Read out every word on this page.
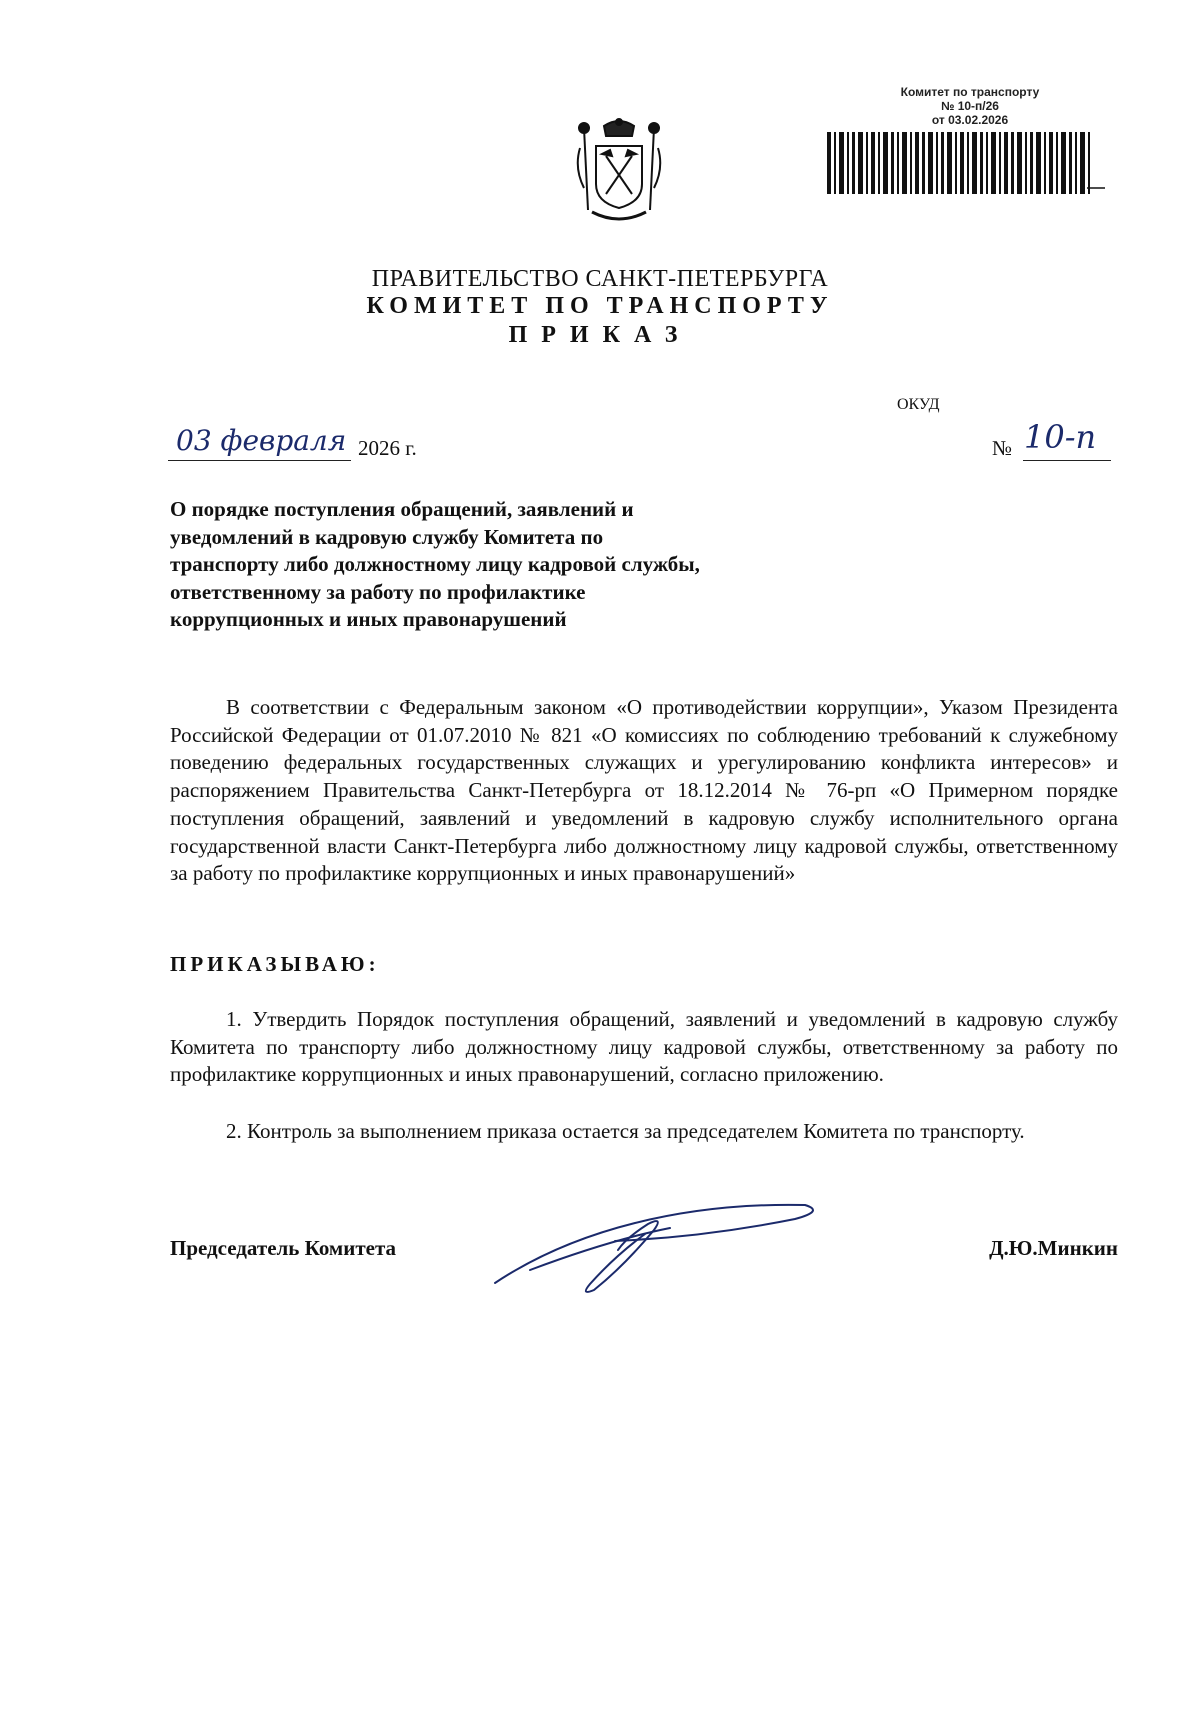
Комитет по транспорту
№ 10-п/26
от 03.02.2026
ПРАВИТЕЛЬСТВО САНКТ-ПЕТЕРБУРГА
КОМИТЕТ ПО ТРАНСПОРТУ
ПРИКАЗ
ОКУД
03 февраля 2026 г.	№ 10-п
О порядке поступления обращений, заявлений и уведомлений в кадровую службу Комитета по транспорту либо должностному лицу кадровой службы, ответственному за работу по профилактике коррупционных и иных правонарушений
В соответствии с Федеральным законом «О противодействии коррупции», Указом Президента Российской Федерации от 01.07.2010 № 821 «О комиссиях по соблюдению требований к служебному поведению федеральных государственных служащих и урегулированию конфликта интересов» и распоряжением Правительства Санкт-Петербурга от 18.12.2014 № 76-рп «О Примерном порядке поступления обращений, заявлений и уведомлений в кадровую службу исполнительного органа государственной власти Санкт-Петербурга либо должностному лицу кадровой службы, ответственному за работу по профилактике коррупционных и иных правонарушений»
ПРИКАЗЫВАЮ:
1. Утвердить Порядок поступления обращений, заявлений и уведомлений в кадровую службу Комитета по транспорту либо должностному лицу кадровой службы, ответственному за работу по профилактике коррупционных и иных правонарушений, согласно приложению.
2. Контроль за выполнением приказа остается за председателем Комитета по транспорту.
Председатель Комитета	Д.Ю.Минкин
